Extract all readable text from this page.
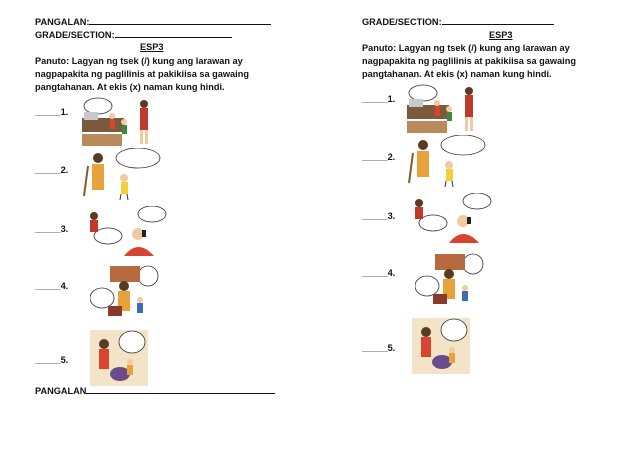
PANGALAN:
GRADE/SECTION:
ESP3
Panuto: Lagyan ng tsek (/) kung ang larawan ay
nagpapakita ng paglilinis at pakikiisa sa gawaing
pangtahanan. At ekis (x) naman kung hindi.
_____1.
_____2.
_____3.
_____4.
_____5.
PANGALAN
GRADE/SECTION:
ESP3
Panuto: Lagyan ng tsek (/) kung ang larawan ay
nagpapakita ng paglilinis at pakikiisa sa gawaing
pangtahanan. At ekis (x) naman kung hindi.
_____1.
_____2.
_____3.
_____4.
_____5.
